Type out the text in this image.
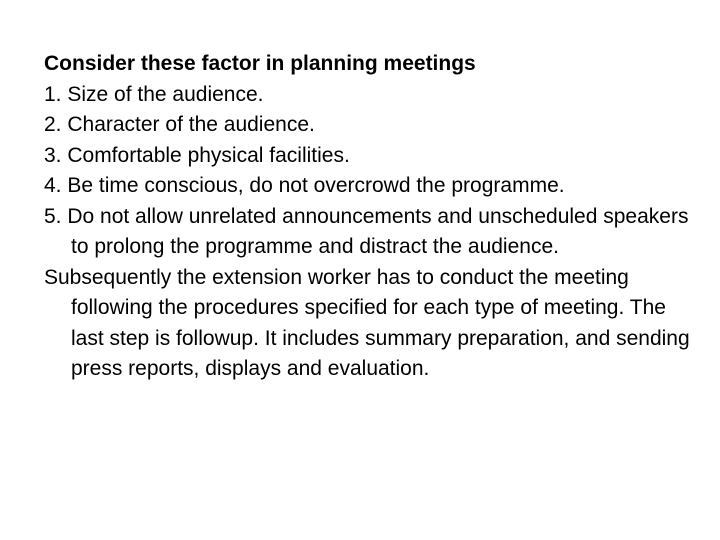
Consider these factor in planning meetings

1. Size of the audience.

2. Character of the audience.

3. Comfortable physical facilities.

4. Be time conscious, do not overcrowd the programme.

5. Do not allow unrelated announcements and unscheduled speakers to prolong the programme and distract the audience.

Subsequently the extension worker has to conduct the meeting following the procedures specified for each type of meeting. The last step is followup. It includes summary preparation, and sending press reports, displays and evaluation.
